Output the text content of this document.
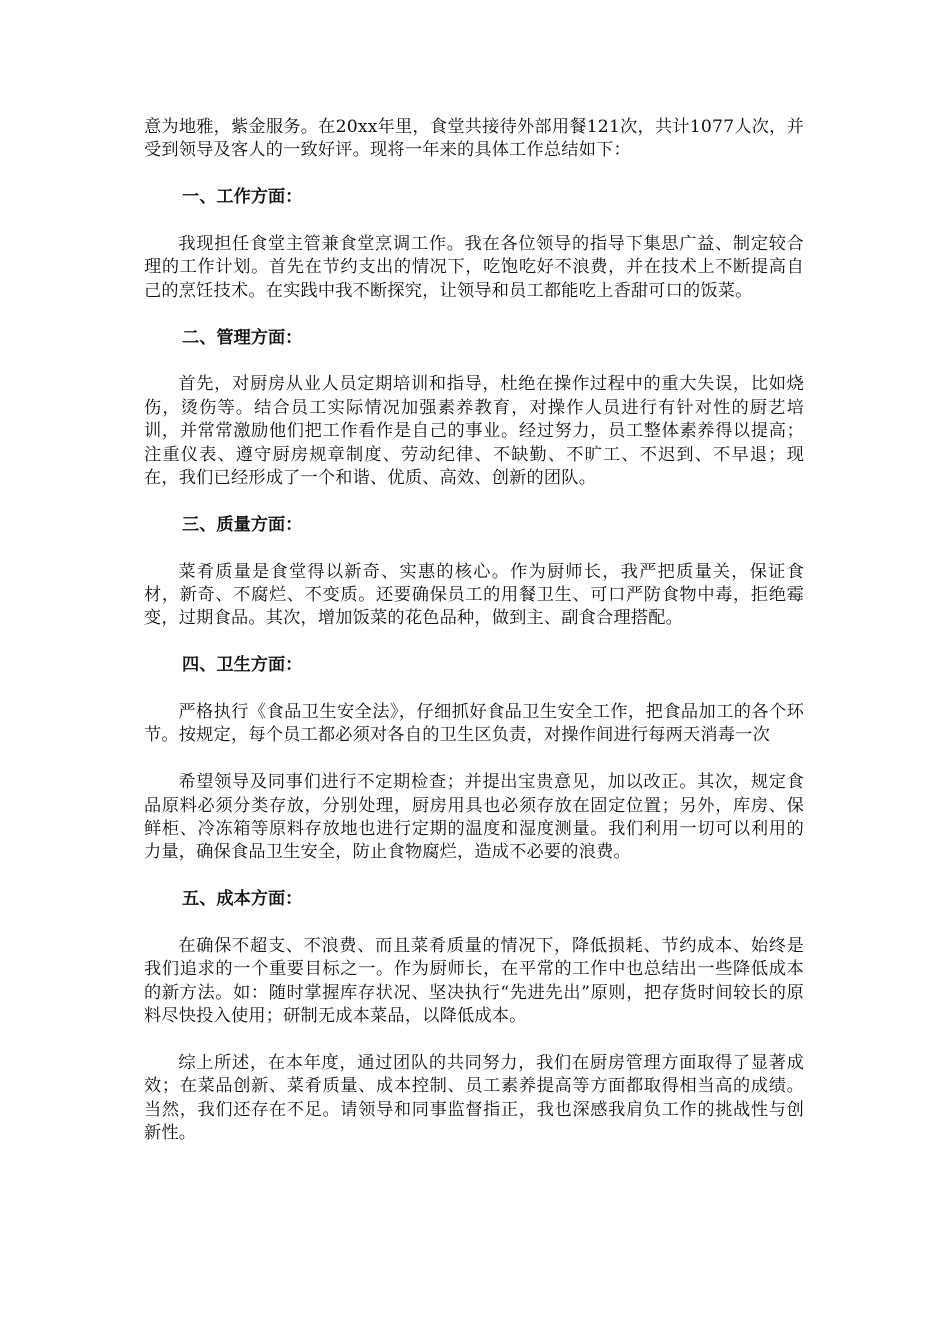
意为地雅，紫金服务。在20xx年里，食堂共接待外部用餐121次，共计1077人次，并受到领导及客人的一致好评。现将一年来的具体工作总结如下：

一、工作方面：

我现担任食堂主管兼食堂烹调工作。我在各位领导的指导下集思广益、制定较合理的工作计划。首先在节约支出的情况下，吃饱吃好不浪费，并在技术上不断提高自己的烹饪技术。在实践中我不断探究，让领导和员工都能吃上香甜可口的饭菜。

二、管理方面：

首先，对厨房从业人员定期培训和指导，杜绝在操作过程中的重大失误，比如烧伤，烫伤等。结合员工实际情况加强素养教育，对操作人员进行有针对性的厨艺培训，并常常激励他们把工作看作是自己的事业。经过努力，员工整体素养得以提高；注重仪表、遵守厨房规章制度、劳动纪律、不缺勤、不旷工、不迟到、不早退；现在，我们已经形成了一个和谐、优质、高效、创新的团队。

三、质量方面：

菜肴质量是食堂得以新奇、实惠的核心。作为厨师长，我严把质量关，保证食材，新奇、不腐烂、不变质。还要确保员工的用餐卫生、可口严防食物中毒，拒绝霉变，过期食品。其次，增加饭菜的花色品种，做到主、副食合理搭配。

四、卫生方面：

严格执行《食品卫生安全法》，仔细抓好食品卫生安全工作，把食品加工的各个环节。按规定，每个员工都必须对各自的卫生区负责，对操作间进行每两天消毒一次

希望领导及同事们进行不定期检查；并提出宝贵意见，加以改正。其次，规定食品原料必须分类存放，分别处理，厨房用具也必须存放在固定位置；另外，库房、保鲜柜、冷冻箱等原料存放地也进行定期的温度和湿度测量。我们利用一切可以利用的力量，确保食品卫生安全，防止食物腐烂，造成不必要的浪费。

五、成本方面：

在确保不超支、不浪费、而且菜肴质量的情况下，降低损耗、节约成本、始终是我们追求的一个重要目标之一。作为厨师长，在平常的工作中也总结出一些降低成本的新方法。如：随时掌握库存状况、坚决执行“先进先出”原则，把存货时间较长的原料尽快投入使用；研制无成本菜品，以降低成本。

综上所述，在本年度，通过团队的共同努力，我们在厨房管理方面取得了显著成效；在菜品创新、菜肴质量、成本控制、员工素养提高等方面都取得相当高的成绩。当然，我们还存在不足。请领导和同事监督指正，我也深感我肩负工作的挑战性与创新性。
